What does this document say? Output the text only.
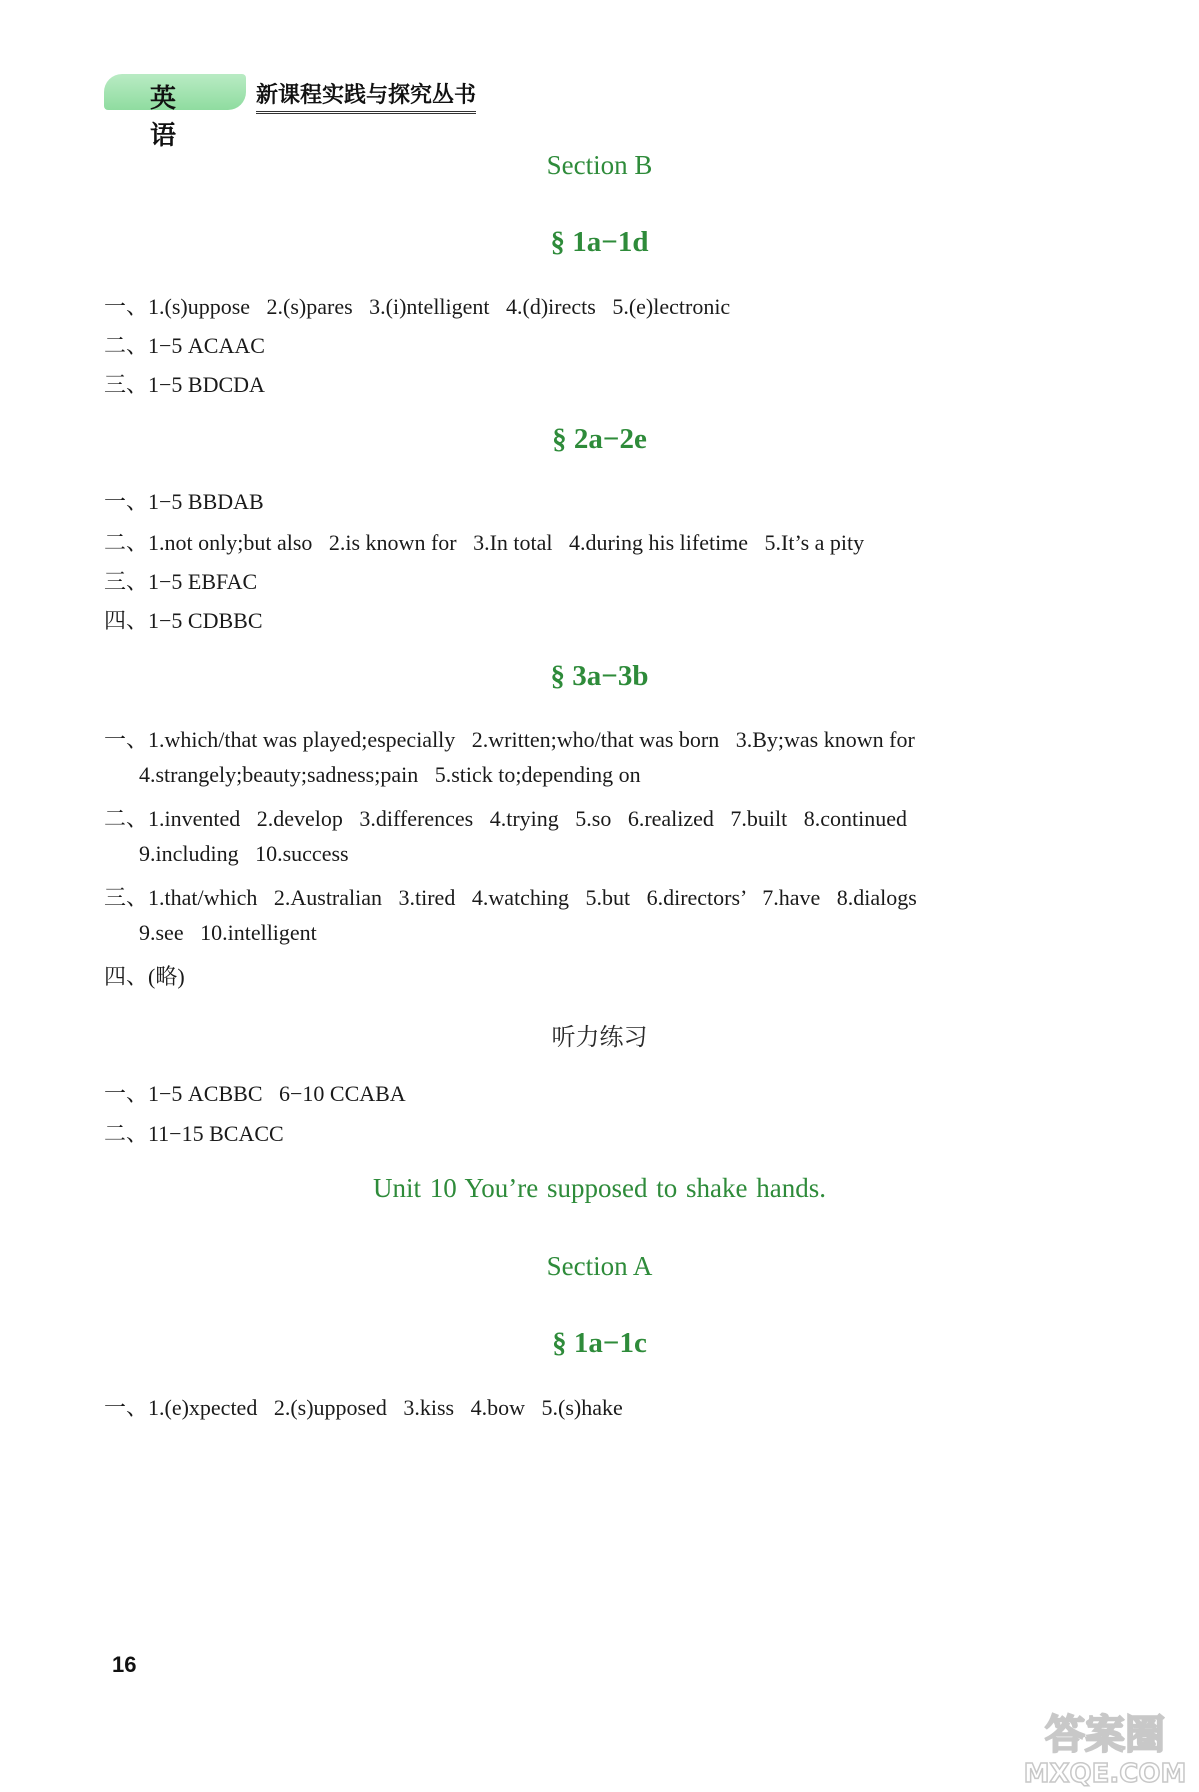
英语
新课程实践与探究丛书
Section B
§ 1a−1d
一、1.(s)uppose   2.(s)pares   3.(i)ntelligent   4.(d)irects   5.(e)lectronic
二、1−5 ACAAC
三、1−5 BDCDA
§ 2a−2e
一、1−5 BBDAB
二、1.not only;but also   2.is known for   3.In total   4.during his lifetime   5.It’s a pity
三、1−5 EBFAC
四、1−5 CDBBC
§ 3a−3b
一、1.which/that was played;especially   2.written;who/that was born   3.By;was known for
4.strangely;beauty;sadness;pain   5.stick to;depending on
二、1.invented   2.develop   3.differences   4.trying   5.so   6.realized   7.built   8.continued
9.including   10.success
三、1.that/which   2.Australian   3.tired   4.watching   5.but   6.directors’   7.have   8.dialogs
9.see   10.intelligent
四、(略)
听力练习
一、1−5 ACBBC   6−10 CCABA
二、11−15 BCACC
Unit 10 You’re supposed to shake hands.
Section A
§ 1a−1c
一、1.(e)xpected   2.(s)upposed   3.kiss   4.bow   5.(s)hake
16
答案圈
MXQE.COM
